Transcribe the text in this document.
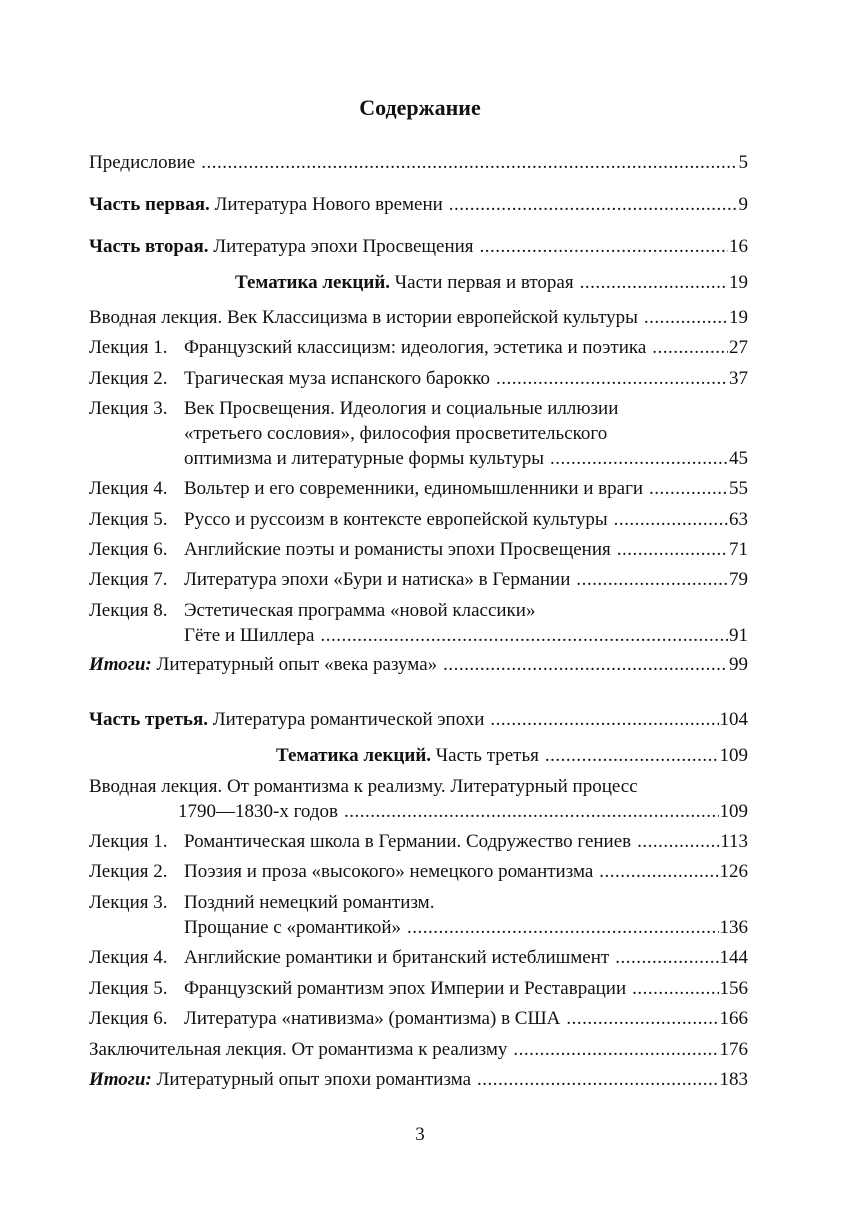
Содержание
Предисловие .....	5
Часть первая. Литература Нового времени .....	9
Часть вторая. Литература эпохи Просвещения .....	16
Тематика лекций. Части первая и вторая .....	19
Вводная лекция. Век Классицизма в истории европейской культуры .....	19
Лекция 1. Французский классицизм: идеология, эстетика и поэтика .....	27
Лекция 2. Трагическая муза испанского барокко .....	37
Лекция 3. Век Просвещения. Идеология и социальные иллюзии
«третьего сословия», философия просветительского
оптимизма и литературные формы культуры .....	45
Лекция 4. Вольтер и его современники, единомышленники и враги .....	55
Лекция 5. Руссо и руссоизм в контексте европейской культуры .....	63
Лекция 6. Английские поэты и романисты эпохи Просвещения .....	71
Лекция 7. Литература эпохи «Бури и натиска» в Германии .....	79
Лекция 8. Эстетическая программа «новой классики»
Гёте и Шиллера .....	91
Итоги: Литературный опыт «века разума» .....	99
Часть третья. Литература романтической эпохи .....	104
Тематика лекций. Часть третья .....	109
Вводная лекция. От романтизма к реализму. Литературный процесс
1790—1830-х годов .....	109
Лекция 1. Романтическая школа в Германии. Содружество гениев .....	113
Лекция 2. Поэзия и проза «высокого» немецкого романтизма .....	126
Лекция 3. Поздний немецкий романтизм.
Прощание с «романтикой» .....	136
Лекция 4. Английские романтики и британский истеблишмент .....	144
Лекция 5. Французский романтизм эпох Империи и Реставрации .....	156
Лекция 6. Литература «нативизма» (романтизма) в США .....	166
Заключительная лекция. От романтизма к реализму .....	176
Итоги: Литературный опыт эпохи романтизма .....	183
3
